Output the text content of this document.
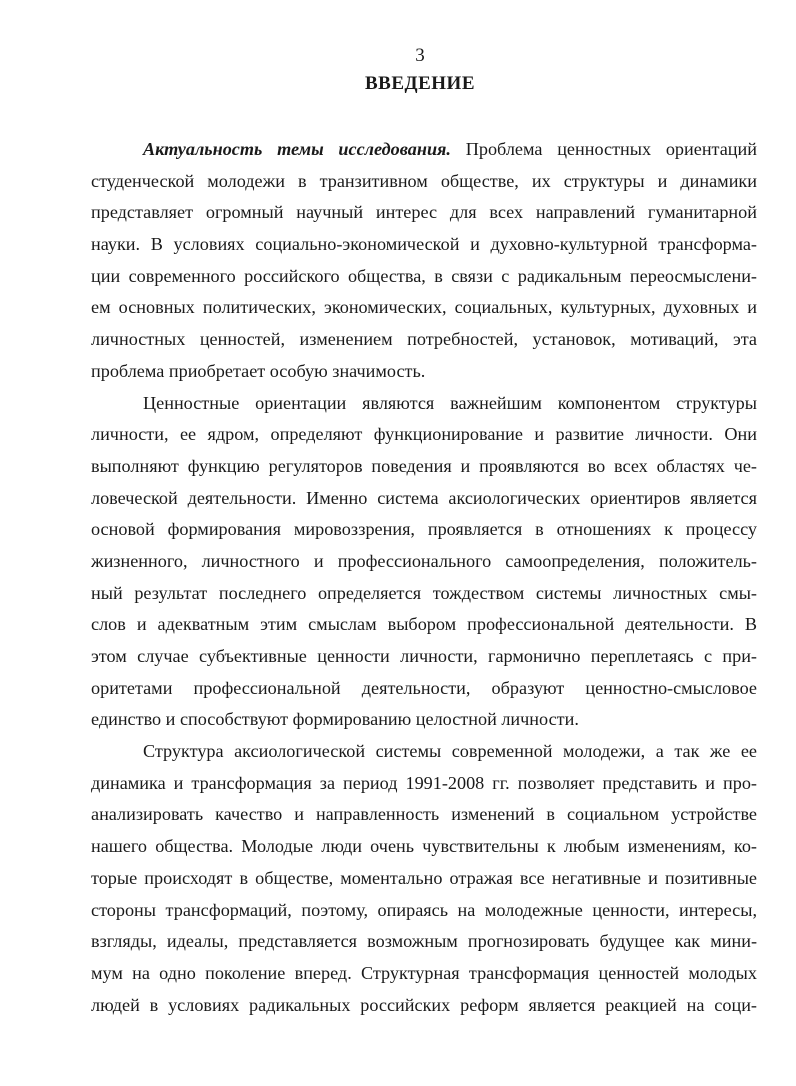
3
ВВЕДЕНИЕ
Актуальность темы исследования. Проблема ценностных ориентаций
студенческой молодежи в транзитивном обществе, их структуры и динамики
представляет огромный научный интерес для всех направлений гуманитарной
науки. В условиях социально-экономической и духовно-культурной трансформа-
ции современного российского общества, в связи с радикальным переосмыслени-
ем основных политических, экономических, социальных, культурных, духовных и
личностных ценностей, изменением потребностей, установок, мотиваций, эта
проблема приобретает особую значимость.
Ценностные ориентации являются важнейшим компонентом структуры
личности, ее ядром, определяют функционирование и развитие личности. Они
выполняют функцию регуляторов поведения и проявляются во всех областях че-
ловеческой деятельности. Именно система аксиологических ориентиров является
основой формирования мировоззрения, проявляется в отношениях к процессу
жизненного, личностного и профессионального самоопределения, положитель-
ный результат последнего определяется тождеством системы личностных смы-
слов и адекватным этим смыслам выбором профессиональной деятельности. В
этом случае субъективные ценности личности, гармонично переплетаясь с при-
оритетами профессиональной деятельности, образуют ценностно-смысловое
единство и способствуют формированию целостной личности.
Структура аксиологической системы современной молодежи, а так же ее
динамика и трансформация за период 1991-2008 гг. позволяет представить и про-
анализировать качество и направленность изменений в социальном устройстве
нашего общества. Молодые люди очень чувствительны к любым изменениям, ко-
торые происходят в обществе, моментально отражая все негативные и позитивные
стороны трансформаций, поэтому, опираясь на молодежные ценности, интересы,
взгляды, идеалы, представляется возможным прогнозировать будущее как мини-
мум на одно поколение вперед. Структурная трансформация ценностей молодых
людей в условиях радикальных российских реформ является реакцией на соци-
